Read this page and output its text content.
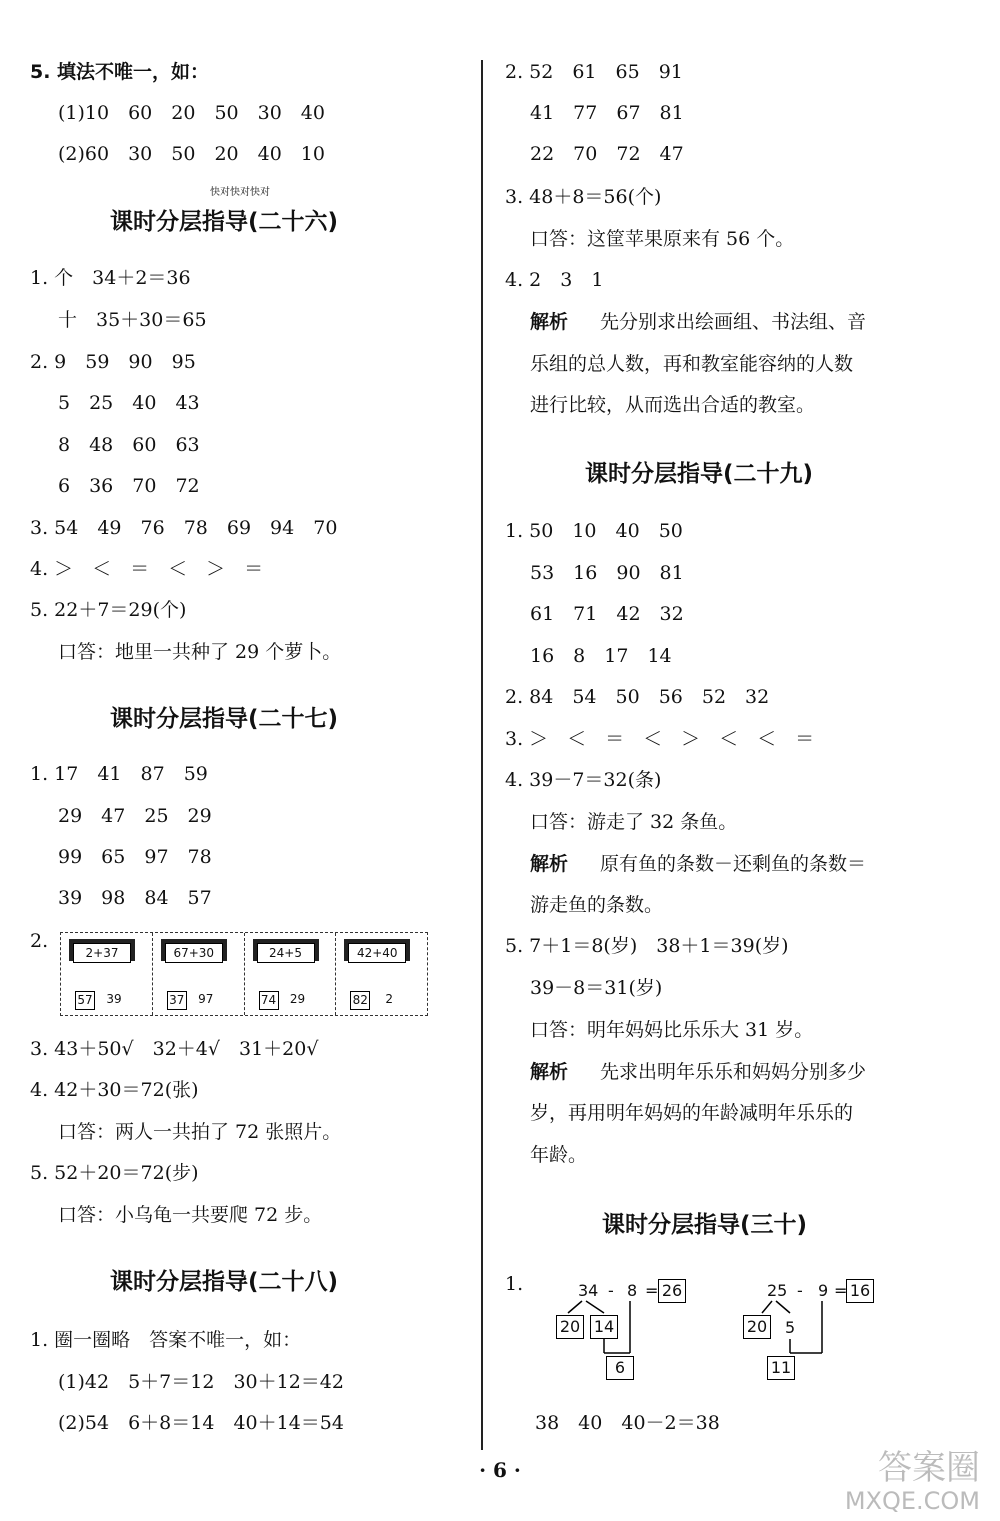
5. 填法不唯一，如：
(1)10　60　20　50　30　40
(2)60　30　50　20　40　10
快对快对快对
课时分层指导(二十六)
1. 个　34＋2＝36
十　35＋30＝65
2. 9　59　90　95
5　25　40　43
8　48　60　63
6　36　70　72
3. 54　49　76　78　69　94　70
4. ＞　＜　＝　＜　＞　＝
5. 22＋7＝29(个)
口答：地里一共种了 29 个萝卜。
课时分层指导(二十七)
1. 17　41　87　59
29　47　25　29
99　65　97　78
39　98　84　57
2.
2+37
57 39
67+30
37 97
24+5
74 29
42+40
82	2
3. 43＋50√　32＋4√　31＋20√
4. 42＋30＝72(张)
口答：两人一共拍了 72 张照片。
5. 52＋20＝72(步)
口答：小乌龟一共要爬 72 步。
课时分层指导(二十八)
1. 圈一圈略　答案不唯一，如：
(1)42　5＋7＝12　30＋12＝42
(2)54　6＋8＝14　40＋14＝54
2. 52　61　65　91
41　77　67　81
22　70　72　47
3. 48＋8＝56(个)
口答：这筐苹果原来有 56 个。
4. 2　3　1
解析 先分别求出绘画组、书法组、音
乐组的总人数，再和教室能容纳的人数
进行比较，从而选出合适的教室。
课时分层指导(二十九)
1. 50　10　40　50
53　16　90　81
61　71　42　32
16　8　17　14
2. 84　54　50　56　52　32
3. ＞　＜　＝　＜　＞　＜　＜　＝
4. 39－7＝32(条)
口答：游走了 32 条鱼。
解析 原有鱼的条数－还剩鱼的条数＝
游走鱼的条数。
5. 7＋1＝8(岁)　38＋1＝39(岁)
39－8＝31(岁)
口答：明年妈妈比乐乐大 31 岁。
解析 先求出明年乐乐和妈妈分别多少
岁，再用明年妈妈的年龄减明年乐乐的
年龄。
课时分层指导(三十)
1.	34 - 8 = 26
20 14
6
25 - 9 = 16
20 5
11
38　40　40－2＝38
· 6 ·	答案圈
MXQE.COM
